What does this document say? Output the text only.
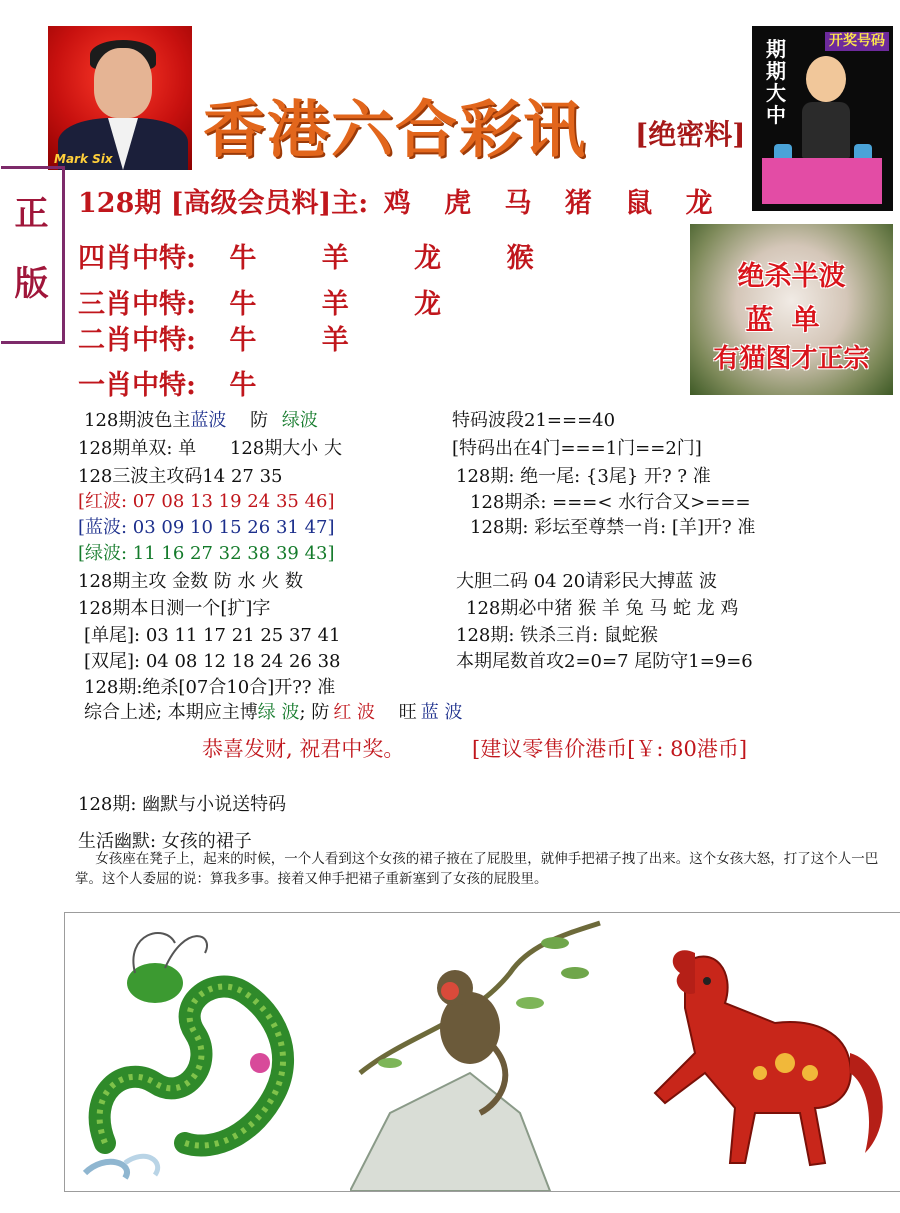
Mark Six 香港六合彩讯 [绝密料]
期期大中
开奖号码
正
版
128期 [高级会员料]主: 鸡 虎 马 猪 鼠 龙
四肖中特: 牛 羊 龙 猴
三肖中特: 牛 羊 龙
二肖中特: 牛 羊
一肖中特: 牛
绝杀半波
蓝单
有猫图才正宗
128期波色主蓝波 防 绿波
128期单双: 单 128期大小 大
128三波主攻码14 27 35
[红波: 07 08 13 19 24 35 46]
[蓝波: 03 09 10 15 26 31 47]
[绿波: 11 16 27 32 38 39 43]
128期主攻 金数 防 水 火 数
128期本日测一个[扩]字
[单尾]: 03 11 17 21 25 37 41
[双尾]: 04 08 12 18 24 26 38
128期:绝杀[07合10合]开?? 准
综合上述; 本期应主博绿 波; 防 红 波 旺 蓝 波
特码波段21===40
[特码出在4门===1门==2门]
128期: 绝一尾: {3尾} 开? ? 准
128期杀: ===< 水行合又>===
128期: 彩坛至尊禁一肖: [羊]开? 准
大胆二码 04 20请彩民大搏蓝 波
128期必中猪 猴 羊 兔 马 蛇 龙 鸡
128期: 铁杀三肖: 鼠蛇猴
本期尾数首攻2=0=7 尾防守1=9=6
恭喜发财, 祝君中奖。	[建议零售价港币[￥: 80港币]
128期: 幽默与小说送特码
生活幽默: 女孩的裙子
女孩座在凳子上，起来的时候，一个人看到这个女孩的裙子掖在了屁股里，就伸手把裙子拽了出来。这个女孩大怒，打了这个人一巴掌。这个人委屈的说：算我多事。接着又伸手把裙子重新塞到了女孩的屁股里。
